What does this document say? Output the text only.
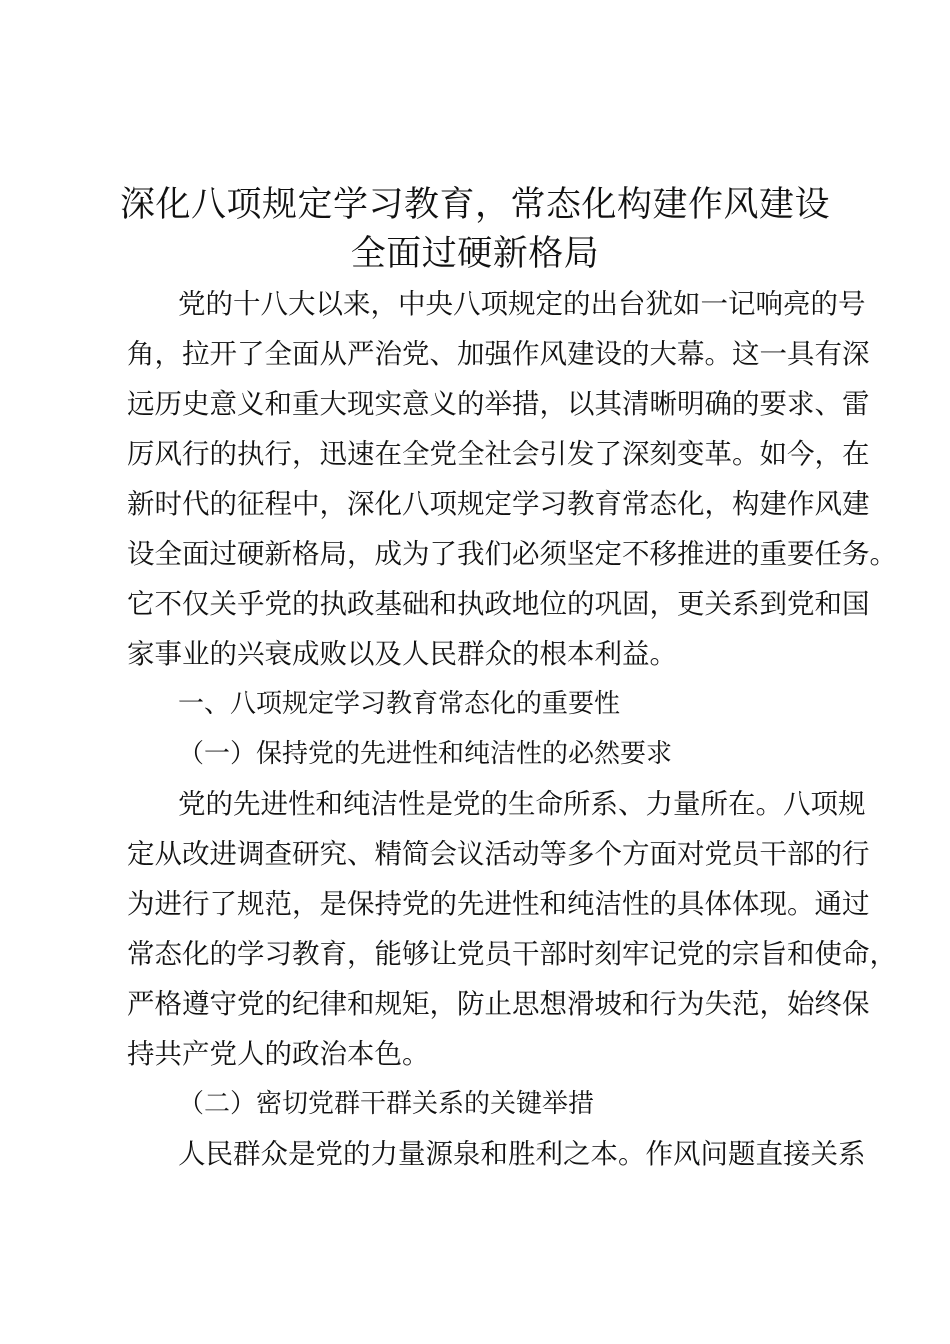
深化八项规定学习教育，常态化构建作风建设
全面过硬新格局
党的十八大以来，中央八项规定的出台犹如一记响亮的号
角，拉开了全面从严治党、加强作风建设的大幕。这一具有深
远历史意义和重大现实意义的举措，以其清晰明确的要求、雷
厉风行的执行，迅速在全党全社会引发了深刻变革。如今，在
新时代的征程中，深化八项规定学习教育常态化，构建作风建
设全面过硬新格局，成为了我们必须坚定不移推进的重要任务。
它不仅关乎党的执政基础和执政地位的巩固，更关系到党和国
家事业的兴衰成败以及人民群众的根本利益。
一、八项规定学习教育常态化的重要性
（一）保持党的先进性和纯洁性的必然要求
党的先进性和纯洁性是党的生命所系、力量所在。八项规
定从改进调查研究、精简会议活动等多个方面对党员干部的行
为进行了规范，是保持党的先进性和纯洁性的具体体现。通过
常态化的学习教育，能够让党员干部时刻牢记党的宗旨和使命，
严格遵守党的纪律和规矩，防止思想滑坡和行为失范，始终保
持共产党人的政治本色。
（二）密切党群干群关系的关键举措
人民群众是党的力量源泉和胜利之本。作风问题直接关系
